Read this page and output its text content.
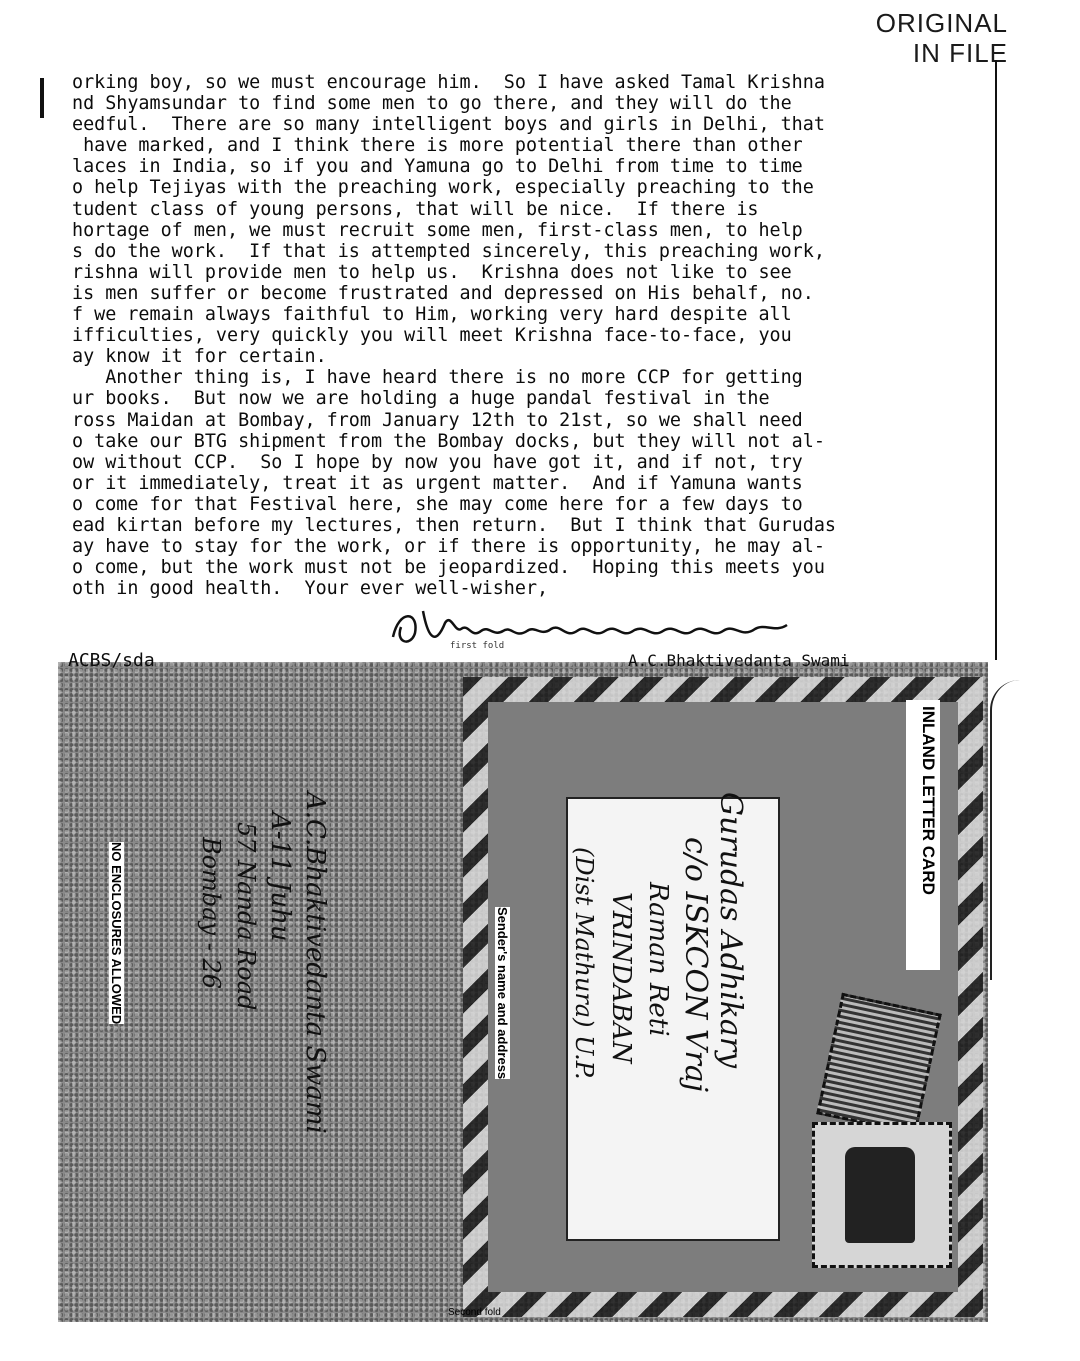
ORIGINAL
IN FILE
orking boy, so we must encourage him.  So I have asked Tamal Krishna
nd Shyamsundar to find some men to go there, and they will do the
eedful.  There are so many intelligent boys and girls in Delhi, that
have marked, and I think there is more potential there than other
laces in India, so if you and Yamuna go to Delhi from time to time
o help Tejiyas with the preaching work, especially preaching to the
tudent class of young persons, that will be nice.  If there is
hortage of men, we must recruit some men, first-class men, to help
s do the work.  If that is attempted sincerely, this preaching work,
rishna will provide men to help us.  Krishna does not like to see
is men suffer or become frustrated and depressed on His behalf, no.
f we remain always faithful to Him, working very hard despite all
ifficulties, very quickly you will meet Krishna face-to-face, you
ay know it for certain.
Another thing is, I have heard there is no more CCP for getting
ur books.  But now we are holding a huge pandal festival in the
ross Maidan at Bombay, from January 12th to 21st, so we shall need
o take our BTG shipment from the Bombay docks, but they will not al-
ow without CCP.  So I hope by now you have got it, and if not, try
or it immediately, treat it as urgent matter.  And if Yamuna wants
o come for that Festival here, she may come here for a few days to
ead kirtan before my lectures, then return.  But I think that Gurudas
ay have to stay for the work, or if there is opportunity, he may al-
o come, but the work must not be jeopardized.  Hoping this meets you
oth in good health.  Your ever well-wisher,
first fold
INLAND LETTER CARD
NO ENCLOSURES ALLOWED	Sender's name and address
A.C.Bhaktivedanta Swami
A-11 Juhu
57 Nanda Road
Bombay - 26	Gurudas Adhikary
c/o ISKCON Vraj
Raman Reti
VRINDABAN
(Dist Mathura) U.P.
Second fold
ACBS/sda	A.C.Bhaktivedanta Swami
